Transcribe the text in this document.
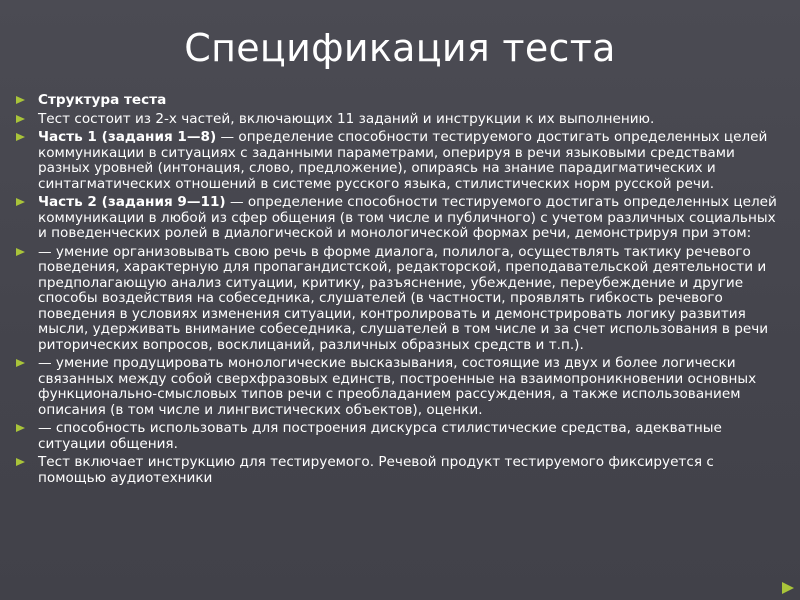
Спецификация теста
Структура теста
Тест состоит из 2-х частей, включающих 11 заданий и инструкции к их выполнению.
Часть 1 (задания 1—8) — определение способности тестируемого достигать определенных целей коммуникации в ситуациях с заданными параметрами, оперируя в речи языковыми средствами разных уровней (интонация, слово, предложение), опираясь на знание парадигматических и синтагматических отношений в системе русского языка, стилистических норм русской речи.
Часть 2 (задания 9—11) — определение способности тестируемого достигать определенных целей коммуникации в любой из сфер общения (в том числе и публичного) с учетом различных социальных и поведенческих ролей в диалогической и монологической формах речи, демонстрируя при этом:
— умение организовывать свою речь в форме диалога, полилога, осуществлять тактику речевого поведения, характерную для пропагандистской, редакторской, преподавательской деятельности и предполагающую анализ ситуации, критику, разъяснение, убеждение, переубеждение и другие способы воздействия на собеседника, слушателей (в частности, проявлять гибкость речевого поведения в условиях изменения ситуации, контролировать и демонстрировать логику развития мысли, удерживать внимание собеседника, слушателей в том числе и за счет использования в речи риторических вопросов, восклицаний, различных образных средств и т.п.).
— умение продуцировать монологические высказывания, состоящие из двух и более логически связанных между собой сверхфразовых единств, построенные на взаимопроникновении основных функционально-смысловых типов речи с преобладанием рассуждения, а также использованием описания (в том числе и лингвистических объектов), оценки.
— способность использовать для построения дискурса стилистические средства, адекватные ситуации общения.
Тест включает инструкцию для тестируемого. Речевой продукт тестируемого фиксируется с помощью аудиотехники
